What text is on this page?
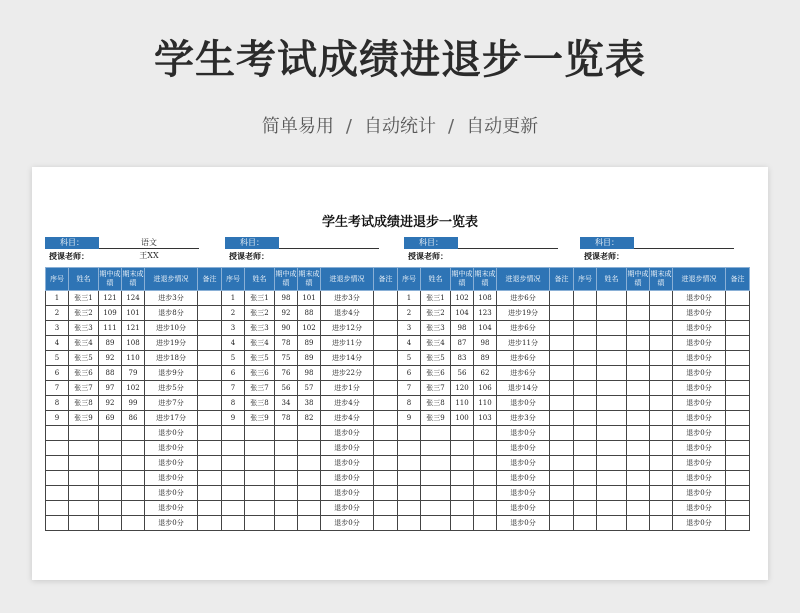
学生考试成绩进退步一览表
简单易用 / 自动统计 / 自动更新
学生考试成绩进退步一览表
科目：	语文
授课老师：	王XX
科目：
授课老师：
科目：
授课老师：
科目：
授课老师：
序号	姓名	期中成绩	期末成绩	进退步情况	备注	序号	姓名	期中成绩	期末成绩	进退步情况	备注	序号	姓名	期中成绩	期末成绩	进退步情况	备注	序号	姓名	期中成绩	期末成绩	进退步情况	备注
1	张三1	121	124	进步3分		1	张三1	98	101	进步3分		1	张三1	102	108	进步6分						退步0分	
2	张三2	109	101	退步8分		2	张三2	92	88	退步4分		2	张三2	104	123	进步19分						退步0分	
3	张三3	111	121	进步10分		3	张三3	90	102	进步12分		3	张三3	98	104	进步6分						退步0分	
4	张三4	89	108	进步19分		4	张三4	78	89	进步11分		4	张三4	87	98	进步11分						退步0分	
5	张三5	92	110	进步18分		5	张三5	75	89	进步14分		5	张三5	83	89	进步6分						退步0分	
6	张三6	88	79	退步9分		6	张三6	76	98	进步22分		6	张三6	56	62	进步6分						退步0分	
7	张三7	97	102	进步5分		7	张三7	56	57	进步1分		7	张三7	120	106	退步14分						退步0分	
8	张三8	92	99	进步7分		8	张三8	34	38	进步4分		8	张三8	110	110	退步0分						退步0分	
9	张三9	69	86	进步17分		9	张三9	78	82	进步4分		9	张三9	100	103	进步3分						退步0分	
				退步0分						退步0分						退步0分						退步0分	
				退步0分						退步0分						退步0分						退步0分	
				退步0分						退步0分						退步0分						退步0分	
				退步0分						退步0分						退步0分						退步0分	
				退步0分						退步0分						退步0分						退步0分	
				退步0分						退步0分						退步0分						退步0分	
				退步0分						退步0分						退步0分						退步0分	
